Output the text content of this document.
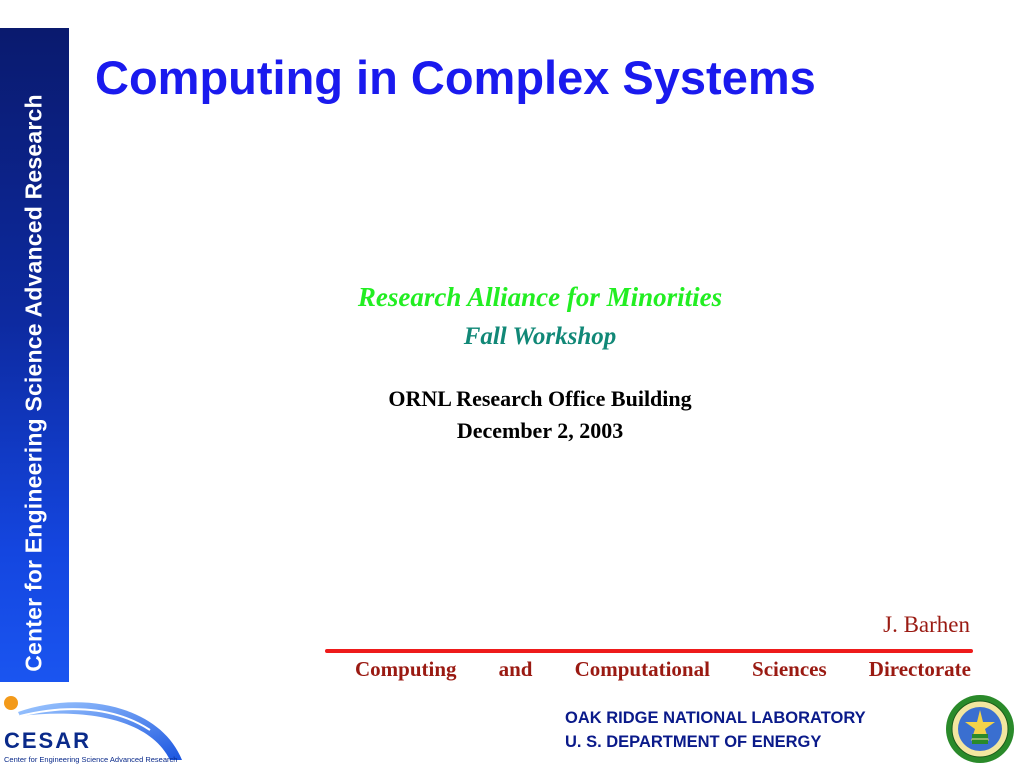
Center for Engineering Science Advanced Research
Computing in Complex Systems
Research Alliance for Minorities
Fall Workshop
ORNL Research Office Building
December 2, 2003
J. Barhen
Computing and Computational Sciences Directorate
CESAR
Center for Engineering Science Advanced Research
OAK RIDGE NATIONAL LABORATORY
U. S. DEPARTMENT OF ENERGY
